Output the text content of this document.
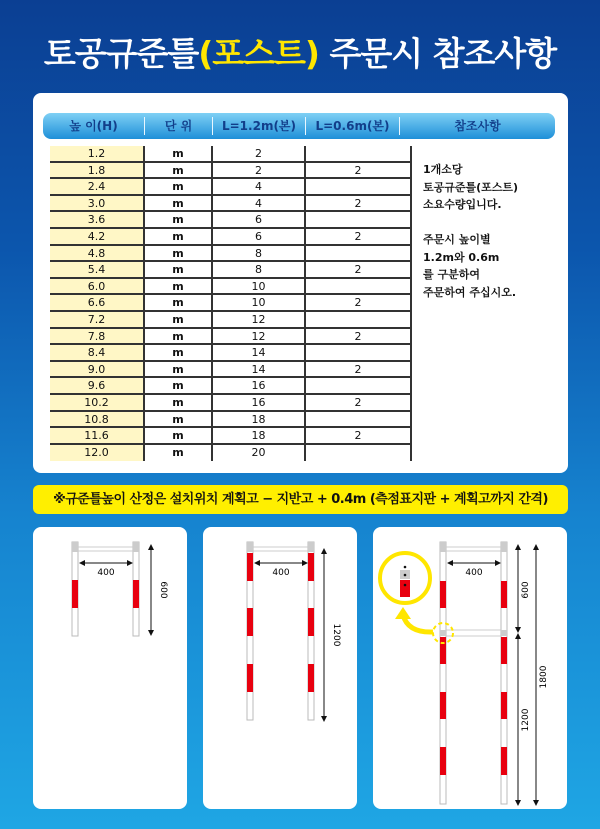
토공규준틀(포스트) 주문시 참조사항
높 이(H)	단 위	L=1.2m(본)	L=0.6m(본)	참조사항
1.2	m	2
1.8	m	2	2
2.4	m	4
3.0	m	4	2
3.6	m	6
4.2	m	6	2
4.8	m	8
5.4	m	8	2
6.0	m	10
6.6	m	10	2
7.2	m	12
7.8	m	12	2
8.4	m	14
9.0	m	14	2
9.6	m	16
10.2	m	16	2
10.8	m	18
11.6	m	18	2
12.0	m	20
1개소당
토공규준틀(포스트)
소요수량입니다.

주문시 높이별
1.2m와 0.6m
를 구분하여
주문하여 주십시오.
※규준틀높이 산정은 설치위치 계획고 − 지반고 + 0.4m (측점표지판 + 계획고까지 간격)
400
600
400
1200
400
600
1200
1800
